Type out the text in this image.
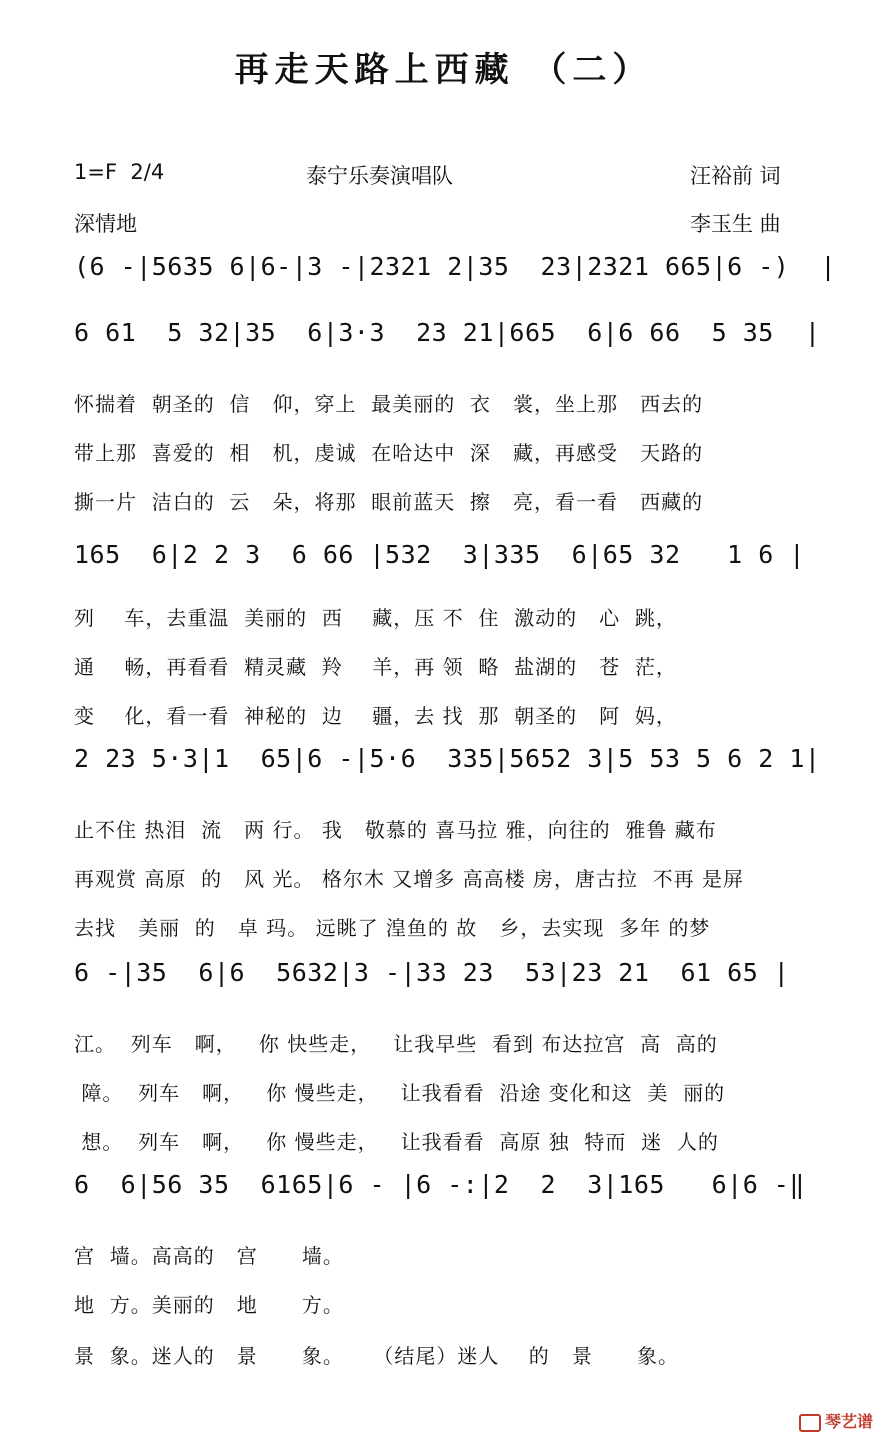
再走天路上西藏 （二）
1=F  2/4	泰宁乐奏演唱队	汪裕前 词
深情地	李玉生 曲
(6 -|5635 6|6-|3 -|2321 2|35  23|2321 665|6 -)  |
6 61  5 32|35  6|3·3  23 21|665  6|6 66  5 35  |
怀揣着  朝圣的  信   仰，穿上  最美丽的  衣   裳，坐上那   西去的
带上那  喜爱的  相   机，虔诚  在哈达中  深   藏，再感受   天路的
撕一片  洁白的  云   朵，将那  眼前蓝天  擦   亮，看一看   西藏的
165  6|2 2 3  6 66 |532  3|335  6|65 32   1 6 |
列    车，去重温  美丽的  西    藏，压 不  住  激动的   心  跳，
通    畅，再看看  精灵藏  羚    羊，再 领  略  盐湖的   苍  茫，
变    化，看一看  神秘的  边    疆，去 找  那  朝圣的   阿  妈，
2 23 5·3|1  65|6 -|5·6  335|5652 3|5 53 5 6 2 1|
止不住 热泪  流   两 行。 我   敬慕的 喜马拉 雅，向往的  雅鲁 藏布
再观赏 高原  的   风 光。 格尔木 又增多 高高楼 房，唐古拉  不再 是屏
去找   美丽  的   卓 玛。 远眺了 湟鱼的 故   乡，去实现  多年 的梦
6 -|35  6|6  5632|3 -|33 23  53|23 21  61 65 |
江。  列车   啊，   你 快些走，   让我早些  看到 布达拉宫  高  高的
障。  列车   啊，   你 慢些走，   让我看看  沿途 变化和这  美  丽的
想。  列车   啊，   你 慢些走，   让我看看  高原 独  特而  迷  人的
6  6|56 35  6165|6 - |6 -:|2  2  3|165   6|6 -‖
宫  墙。高高的   宫      墙。
地  方。美丽的   地      方。
景  象。迷人的   景      象。    （结尾）迷人    的   景      象。

琴艺谱
